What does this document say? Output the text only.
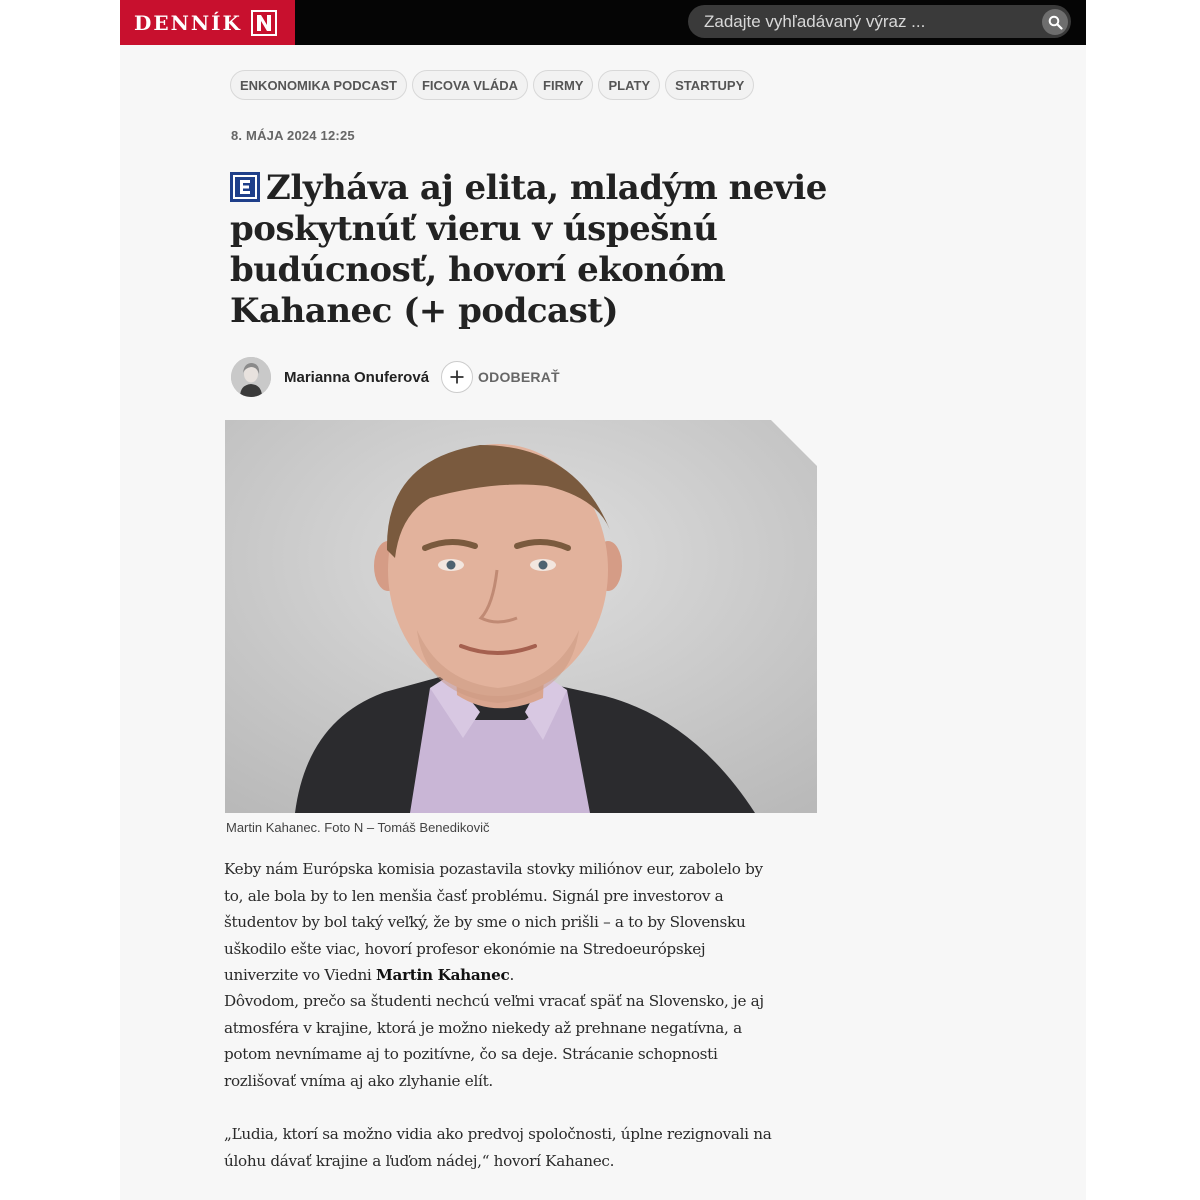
DENNÍK
Zadajte vyhľadávaný výraz ...
ENKONOMIKA PODCAST	FICOVA VLÁDA	FIRMY	PLATY	STARTUPY
8. MÁJA 2024 12:25
Zlyháva aj elita, mladým nevie poskytnúť vieru v úspešnú budúcnosť, hovorí ekonóm Kahanec (+ podcast)
Marianna Onuferová	ODOBERAŤ
Martin Kahanec. Foto N – Tomáš Benedikovič

Keby nám Európska komisia pozastavila stovky miliónov eur, zabolelo by to, ale bola by to len menšia časť problému. Signál pre investorov a študentov by bol taký veľký, že by sme o nich prišli – a to by Slovensku uškodilo ešte viac, hovorí profesor ekonómie na Stredoeurópskej univerzite vo Viedni Martin Kahanec.

Dôvodom, prečo sa študenti nechcú veľmi vracať späť na Slovensko, je aj atmosféra v krajine, ktorá je možno niekedy až prehnane negatívna, a potom nevnímame aj to pozitívne, čo sa deje. Strácanie schopnosti rozlišovať vníma aj ako zlyhanie elít.

„Ľudia, ktorí sa možno vidia ako predvoj spoločnosti, úplne rezignovali na úlohu dávať krajine a ľuďom nádej,“ hovorí Kahanec.
